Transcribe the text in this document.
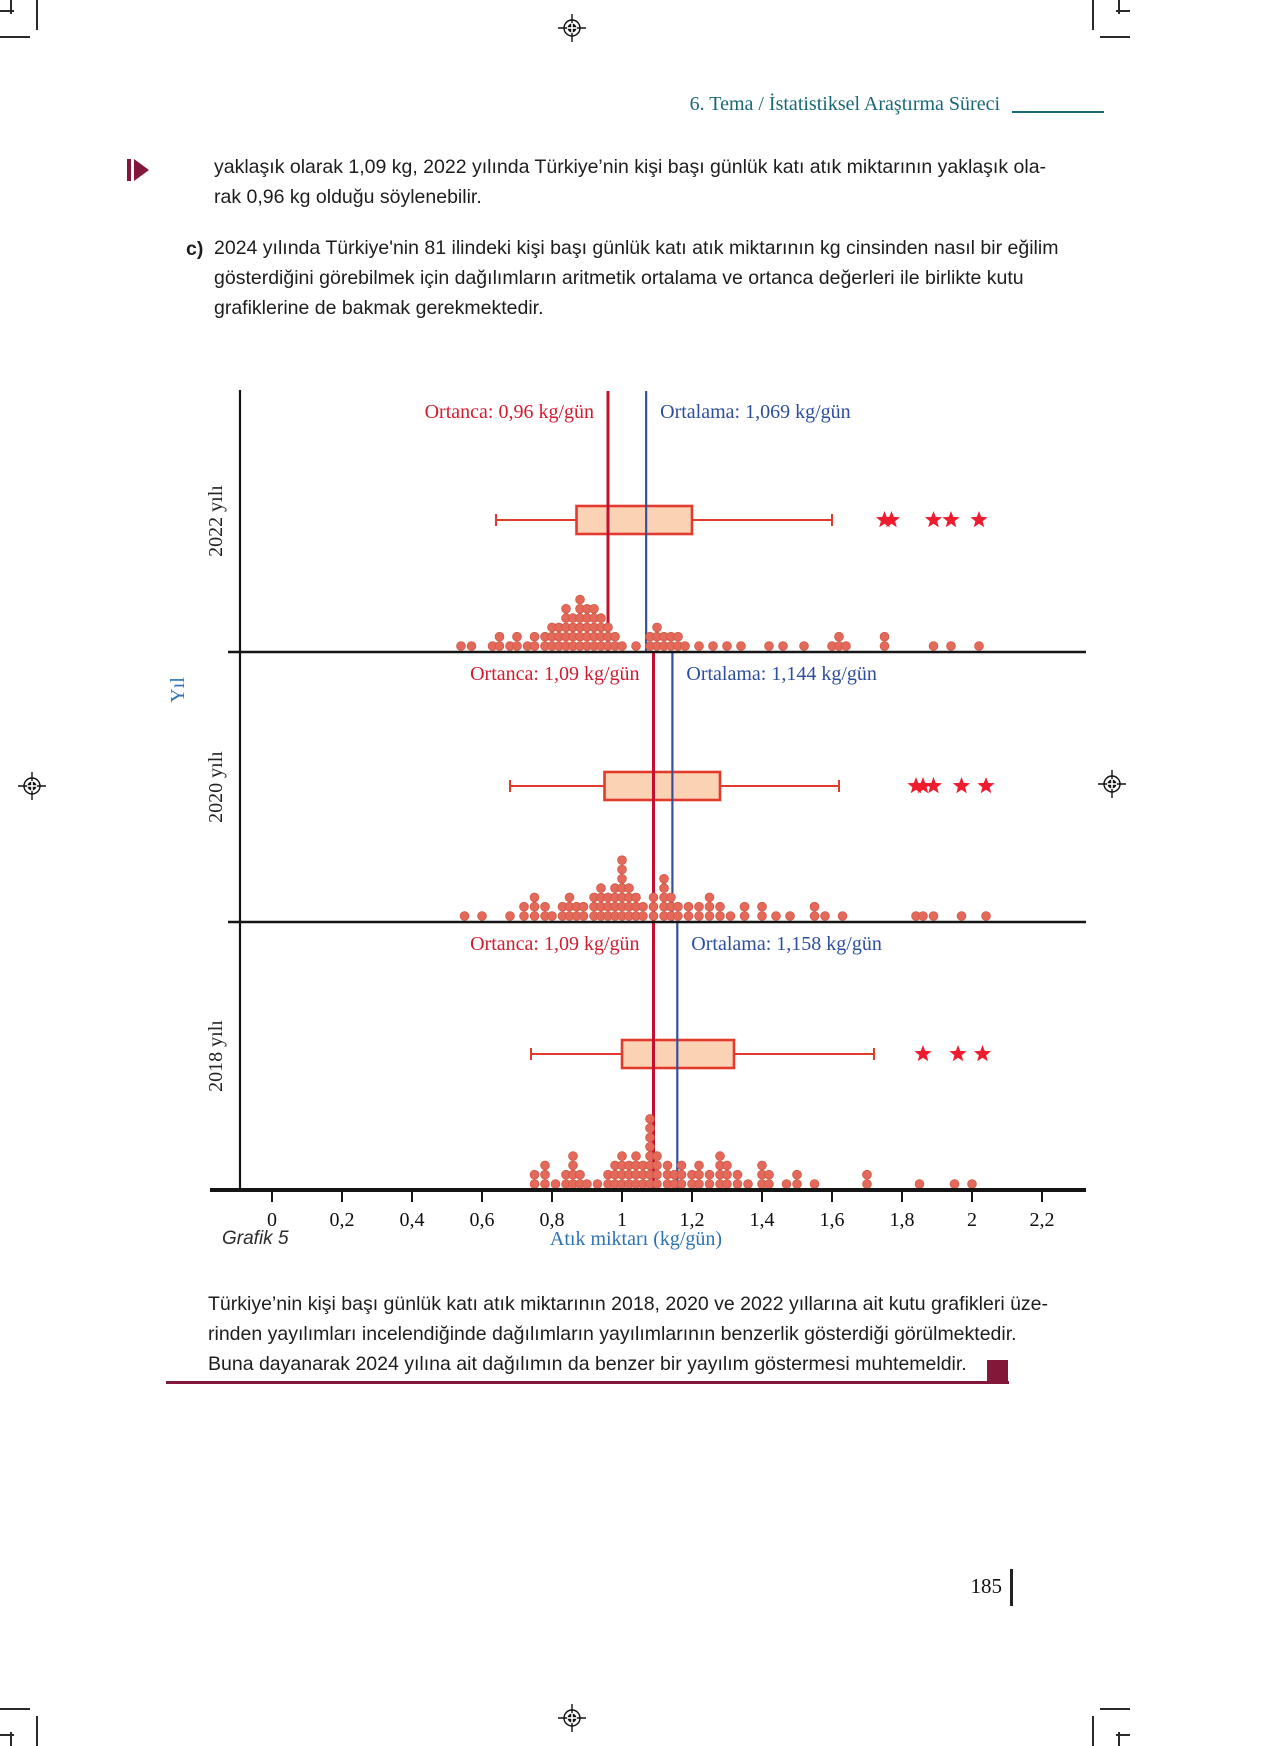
6. Tema / İstatistiksel Araştırma Süreci
yaklaşık olarak 1,09 kg, 2022 yılında Türkiye’nin kişi başı günlük katı atık miktarının yaklaşık ola-
rak 0,96 kg olduğu söylenebilir.
c) 2024 yılında Türkiye'nin 81 ilindeki kişi başı günlük katı atık miktarının kg cinsinden nasıl bir eğilim
gösterdiğini görebilmek için dağılımların aritmetik ortalama ve ortanca değerleri ile birlikte kutu
grafiklerine de bakmak gerekmektedir.
Ortanca: 0,96 kg/gün	Ortalama: 1,069 kg/gün
2022 yılı
Ortanca: 1,09 kg/gün Ortalama: 1,144 kg/gün
2020 yılı
Ortanca: 1,09 kg/gün	Ortalama: 1,158 kg/gün
2018 yılı
0	0,2 0,4 0,6 0,8	1	1,2 1,4 1,6 1,8	2	2,2
Yıl
Grafik 5	Atık miktarı (kg/gün)
Türkiye’nin kişi başı günlük katı atık miktarının 2018, 2020 ve 2022 yıllarına ait kutu grafikleri üze-
rinden yayılımları incelendiğinde dağılımların yayılımlarının benzerlik gösterdiği görülmektedir.
Buna dayanarak 2024 yılına ait dağılımın da benzer bir yayılım göstermesi muhtemeldir.
185
